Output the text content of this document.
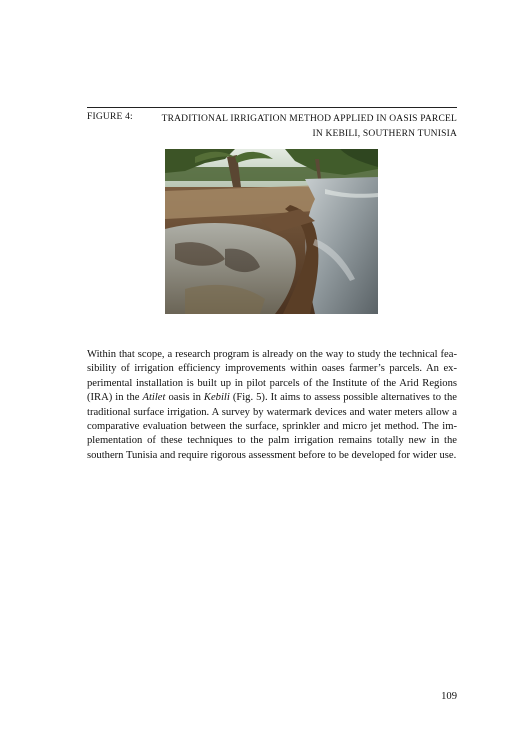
FIGURE 4:	TRADITIONAL IRRIGATION METHOD APPLIED IN OASIS PARCEL
IN KEBILI, SOUTHERN TUNISIA

Within that scope, a research program is already on the way to study the technical fea-sibility of irrigation efficiency improvements within oases farmer’s parcels. An ex-perimental installation is built up in pilot parcels of the Institute of the Arid Regions (IRA) in the Atilet oasis in Kebili (Fig. 5). It aims to assess possible alternatives to the traditional surface irrigation. A survey by watermark devices and water meters allow a comparative evaluation between the surface, sprinkler and micro jet method. The im-plementation of these techniques to the palm irrigation remains totally new in the southern Tunisia and require rigorous assessment before to be developed for wider use.

109
